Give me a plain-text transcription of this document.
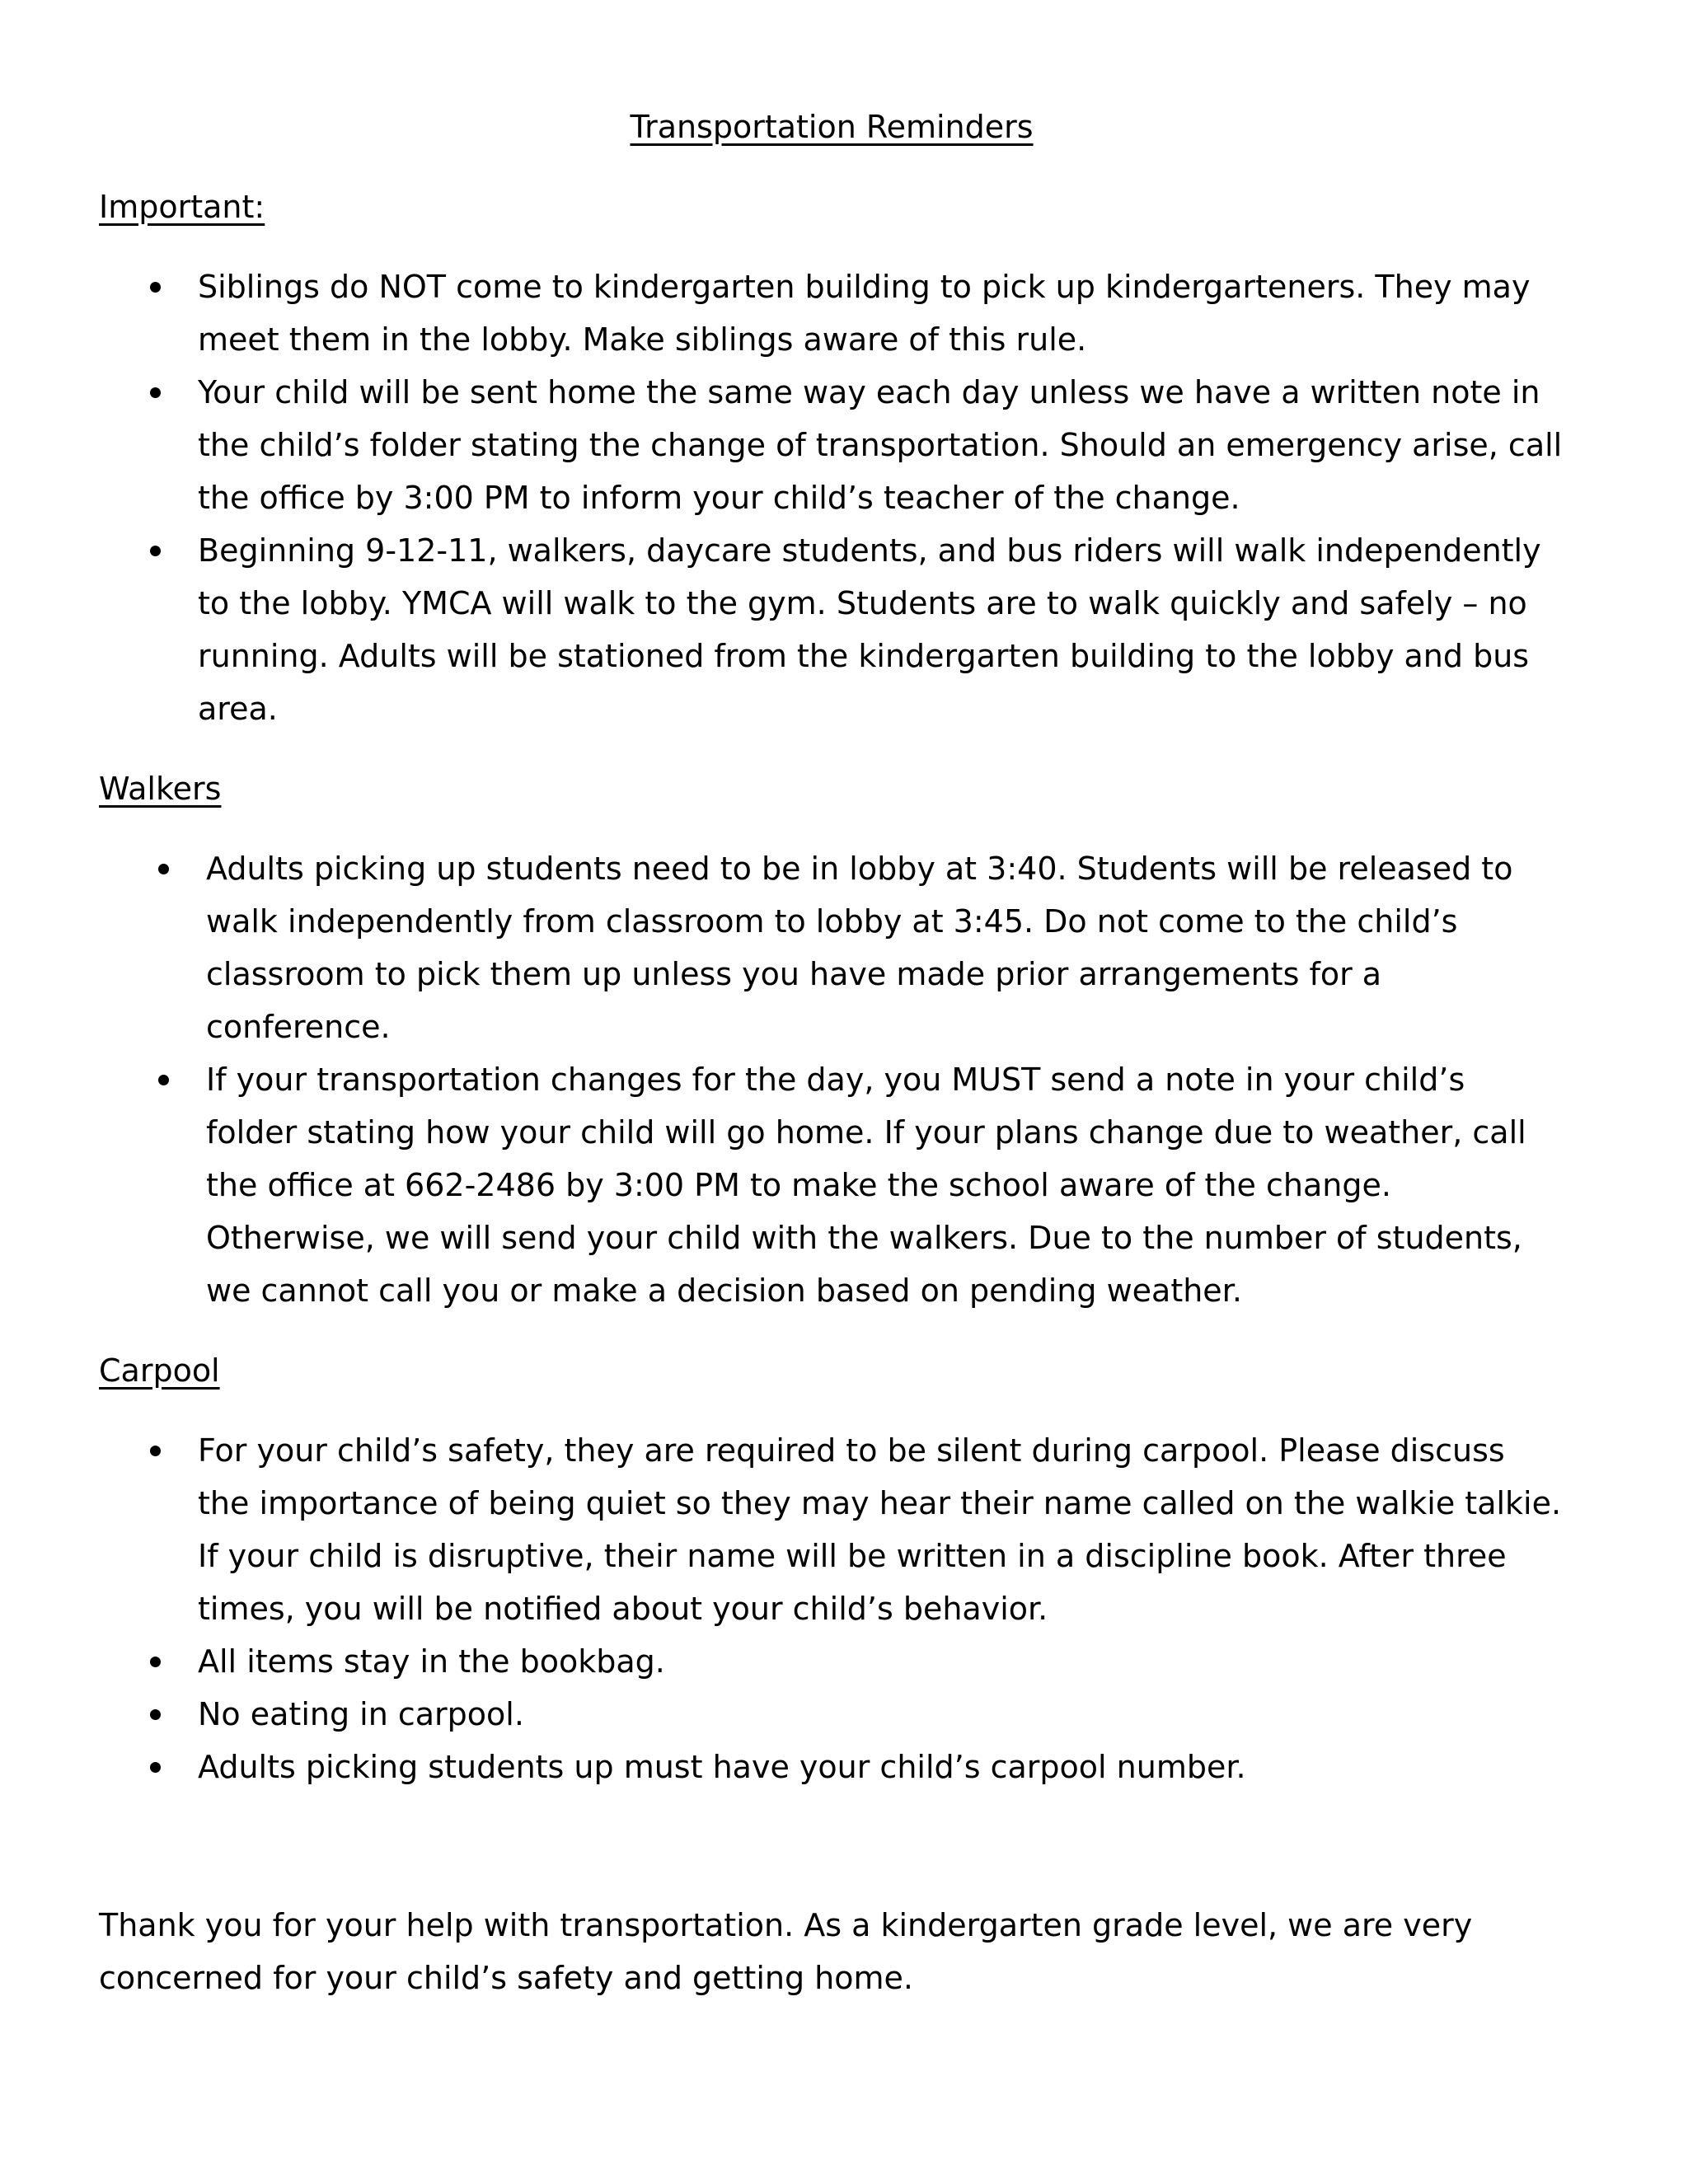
Transportation Reminders
Important:
Siblings do NOT come to kindergarten building to pick up kindergarteners. They may meet them in the lobby. Make siblings aware of this rule.
Your child will be sent home the same way each day unless we have a written note in the child’s folder stating the change of transportation. Should an emergency arise, call the office by 3:00 PM to inform your child’s teacher of the change.
Beginning 9-12-11, walkers, daycare students, and bus riders will walk independently to the lobby. YMCA will walk to the gym. Students are to walk quickly and safely – no running. Adults will be stationed from the kindergarten building to the lobby and bus area.
Walkers
Adults picking up students need to be in lobby at 3:40. Students will be released to walk independently from classroom to lobby at 3:45. Do not come to the child’s classroom to pick them up unless you have made prior arrangements for a conference.
If your transportation changes for the day, you MUST send a note in your child’s folder stating how your child will go home. If your plans change due to weather, call the office at 662-2486 by 3:00 PM to make the school aware of the change. Otherwise, we will send your child with the walkers. Due to the number of students, we cannot call you or make a decision based on pending weather.
Carpool
For your child’s safety, they are required to be silent during carpool. Please discuss the importance of being quiet so they may hear their name called on the walkie talkie. If your child is disruptive, their name will be written in a discipline book. After three times, you will be notified about your child’s behavior.
All items stay in the bookbag.
No eating in carpool.
Adults picking students up must have your child’s carpool number.

Thank you for your help with transportation. As a kindergarten grade level, we are very concerned for your child’s safety and getting home.
